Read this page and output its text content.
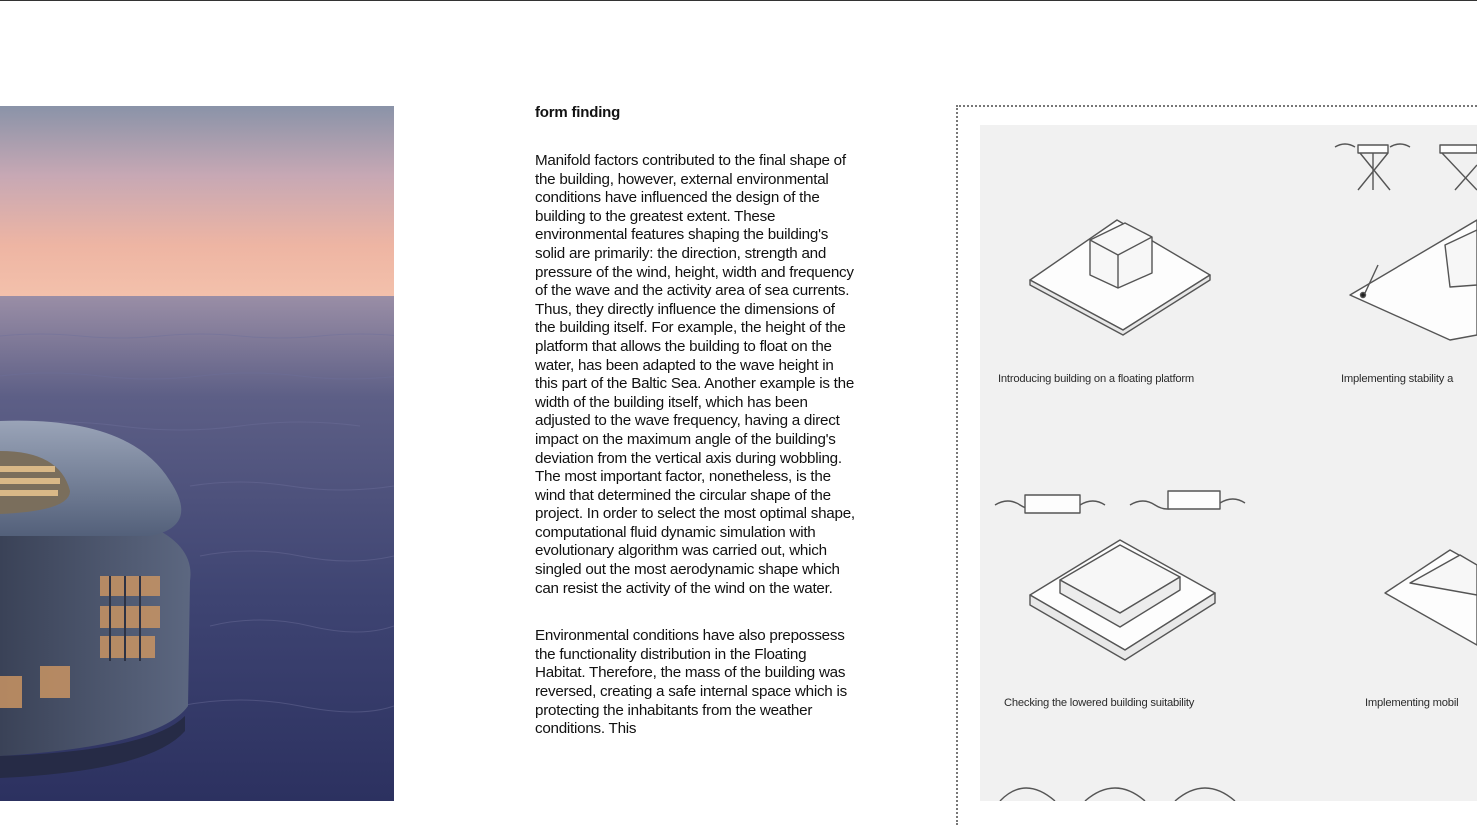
form finding

Manifold factors contributed to the final shape of the building, however, external environmental conditions have influenced the design of the building to the greatest extent. These environmental features shaping the building's solid are primarily: the direction, strength and pressure of the wind, height, width and frequency of the wave and the activity area of sea currents. Thus, they directly influence the dimensions of the building itself. For example, the height of the platform that allows the building to float on the water, has been adapted to the wave height in this part of the Baltic Sea. Another example is the width of the building itself, which has been adjusted to the wave frequency, having a direct impact on the maximum angle of the building's deviation from the vertical axis during wobbling. The most important factor, nonetheless, is the wind that determined the circular shape of the project. In order to select the most optimal shape, computational fluid dynamic simulation with evolutionary algorithm was carried out, which singled out the most aerodynamic shape which can resist the activity of the wind on the water.

Environmental conditions have also prepossess the functionality distribution in the Floating Habitat. Therefore, the mass of the building was reversed, creating a safe internal space which is protecting the inhabitants from the weather conditions. This

Introducing building on a floating platform	Implementing stability a
Checking the lowered building suitability	Implementing mobil
